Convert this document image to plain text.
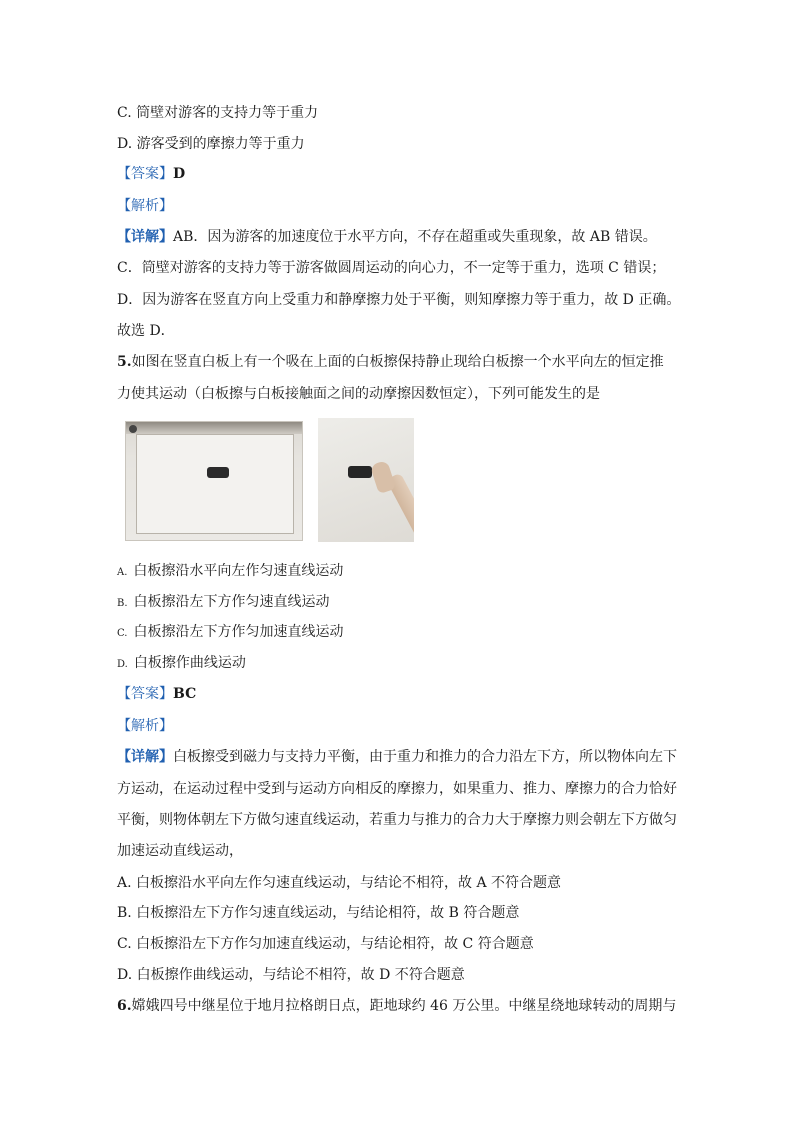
C. 筒壁对游客的支持力等于重力
D. 游客受到的摩擦力等于重力
【答案】D
【解析】
【详解】AB．因为游客的加速度位于水平方向，不存在超重或失重现象，故 AB 错误。
C．筒壁对游客的支持力等于游客做圆周运动的向心力，不一定等于重力，选项 C 错误；
D．因为游客在竖直方向上受重力和静摩擦力处于平衡，则知摩擦力等于重力，故 D 正确。
故选 D．
5.如图在竖直白板上有一个吸在上面的白板擦保持静止现给白板擦一个水平向左的恒定推
力使其运动（白板擦与白板接触面之间的动摩擦因数恒定），下列可能发生的是
A. 白板擦沿水平向左作匀速直线运动
B. 白板擦沿左下方作匀速直线运动
C. 白板擦沿左下方作匀加速直线运动
D. 白板擦作曲线运动
【答案】BC
【解析】
【详解】白板擦受到磁力与支持力平衡，由于重力和推力的合力沿左下方，所以物体向左下
方运动，在运动过程中受到与运动方向相反的摩擦力，如果重力、推力、摩擦力的合力恰好
平衡，则物体朝左下方做匀速直线运动，若重力与推力的合力大于摩擦力则会朝左下方做匀
加速运动直线运动，
A. 白板擦沿水平向左作匀速直线运动，与结论不相符，故 A 不符合题意
B. 白板擦沿左下方作匀速直线运动，与结论相符，故 B 符合题意
C. 白板擦沿左下方作匀加速直线运动，与结论相符，故 C 符合题意
D. 白板擦作曲线运动，与结论不相符，故 D 不符合题意
6.嫦娥四号中继星位于地月拉格朗日点，距地球约 46 万公里。中继星绕地球转动的周期与
